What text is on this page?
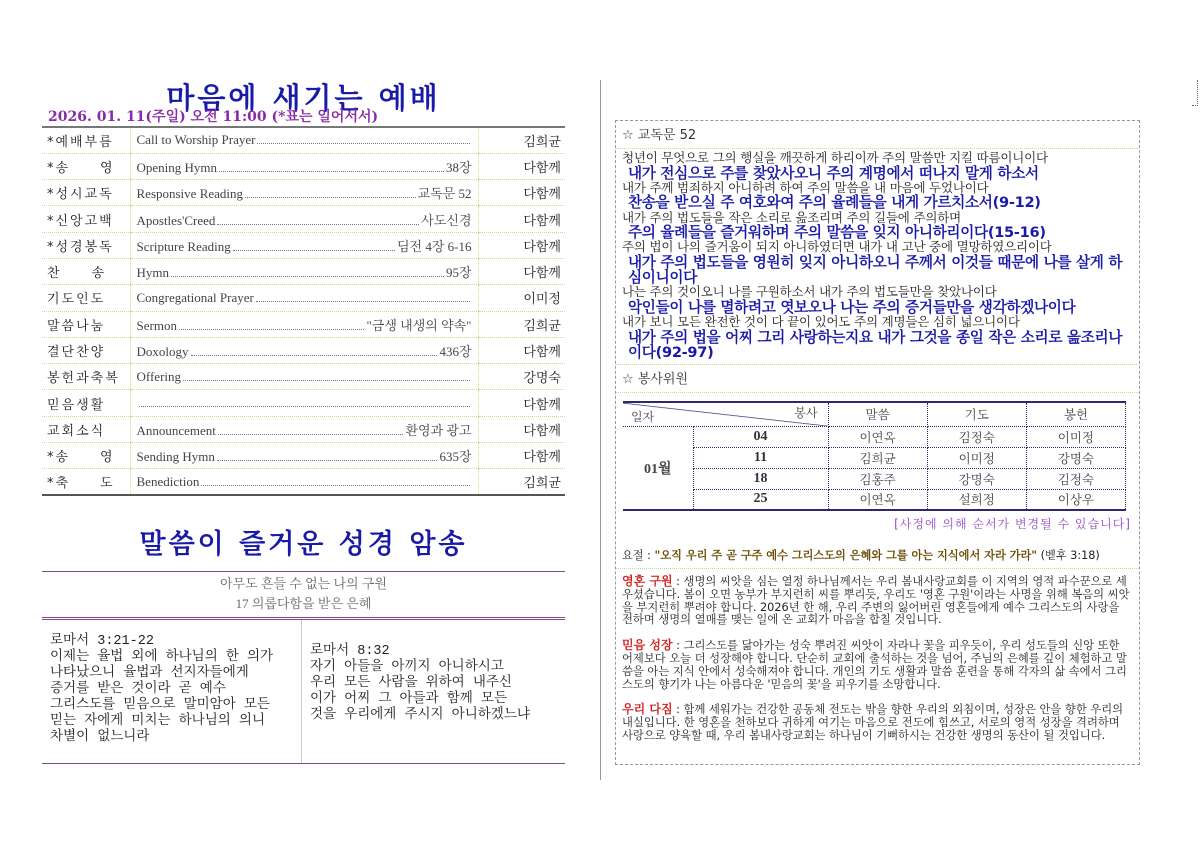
마음에 새기는 예배
2026. 01. 11(주일) 오전 11:00 (*표는 일어서서)
*예배부름	Call to Worship Prayer	김희균
*송　　영	Opening Hymn 38장	다함께
*성시교독	Responsive Reading 교독문 52	다함께
*신앙고백	Apostles'Creed 사도신경	다함께
*성경봉독	Scripture Reading 딤전 4장 6-16	다함께
찬　　송	Hymn 95장	다함께
기도인도	Congregational Prayer	이미정
말씀나눔	Sermon "금생 내생의 약속"	김희균
결단찬양	Doxology 436장	다함께
봉헌과축복	Offering	강명숙
믿음생활		다함께
교회소식	Announcement 환영과 광고	다함께
*송　　영	Sending Hymn 635장	다함께
*축　　도	Benediction	김희균
말씀이 즐거운 성경 암송
아무도 흔들 수 없는 나의 구원
17 의롭다함을 받은 은혜
로마서 3:21-22
이제는 율법 외에 하나님의 한 의가
나타났으니 율법과 선지자들에게
증거를 받은 것이라 곧 예수
그리스도를 믿음으로 말미암아 모든
믿는 자에게 미치는 하나님의 의니
차별이 없느니라
로마서 8:32
자기 아들을 아끼지 아니하시고
우리 모든 사람을 위하여 내주신
이가 어찌 그 아들과 함께 모든
것을 우리에게 주시지 아니하겠느냐
☆ 교독문 52
청년이 무엇으로 그의 행실을 깨끗하게 하리이까 주의 말씀만 지킬 따름이니이다
내가 전심으로 주를 찾았사오니 주의 계명에서 떠나지 말게 하소서
내가 주께 범죄하지 아니하려 하여 주의 말씀을 내 마음에 두었나이다
찬송을 받으실 주 여호와여 주의 율례들을 내게 가르치소서(9-12)
내가 주의 법도들을 작은 소리로 읊조리며 주의 길들에 주의하며
주의 율례들을 즐거워하며 주의 말씀을 잊지 아니하리이다(15-16)
주의 법이 나의 즐거움이 되지 아니하였더면 내가 내 고난 중에 멸망하였으리이다
내가 주의 법도들을 영원히 잊지 아니하오니 주께서 이것들 때문에 나를 살게 하심이니이다
나는 주의 것이오니 나를 구원하소서 내가 주의 법도들만을 찾았나이다
악인들이 나를 멸하려고 엿보오나 나는 주의 증거들만을 생각하겠나이다
내가 보니 모든 완전한 것이 다 끝이 있어도 주의 계명들은 심히 넓으니이다
내가 주의 법을 어찌 그리 사랑하는지요 내가 그것을 종일 작은 소리로 읊조리나이다(92-97)
☆ 봉사위원
봉사
일자		말씀	기도	봉헌
01월	04	이연옥	김정숙	이미정
	11	김희균	이미정	강명숙
	18	김홍주	강명숙	김정숙
	25	이연옥	설희정	이상우
[사정에 의해 순서가 변경될 수 있습니다]
요절 : "오직 우리 주 곧 구주 예수 그리스도의 은혜와 그를 아는 지식에서 자라 가라" (벧후 3:18)
영혼 구원 : 생명의 씨앗을 심는 열정 하나님께서는 우리 봄내사랑교회를 이 지역의 영적 파수꾼으로 세우셨습니다. 봄이 오면 농부가 부지런히 씨를 뿌리듯, 우리도 '영혼 구원'이라는 사명을 위해 복음의 씨앗을 부지런히 뿌려야 합니다. 2026년 한 해, 우리 주변의 잃어버린 영혼들에게 예수 그리스도의 사랑을 전하며 생명의 열매를 맺는 일에 온 교회가 마음을 합칠 것입니다.
믿음 성장 : 그리스도를 닮아가는 성숙 뿌려진 씨앗이 자라나 꽃을 피우듯이, 우리 성도들의 신앙 또한 어제보다 오늘 더 성장해야 합니다. 단순히 교회에 출석하는 것을 넘어, 주님의 은혜를 깊이 체험하고 말씀을 아는 지식 안에서 성숙해져야 합니다. 개인의 기도 생활과 말씀 훈련을 통해 각자의 삶 속에서 그리스도의 향기가 나는 아름다운 '믿음의 꽃'을 피우기를 소망합니다.
우리 다짐 : 함께 세워가는 건강한 공동체 전도는 밖을 향한 우리의 외침이며, 성장은 안을 향한 우리의 내실입니다. 한 영혼을 천하보다 귀하게 여기는 마음으로 전도에 힘쓰고, 서로의 영적 성장을 격려하며 사랑으로 양육할 때, 우리 봄내사랑교회는 하나님이 기뻐하시는 건강한 생명의 동산이 될 것입니다.
